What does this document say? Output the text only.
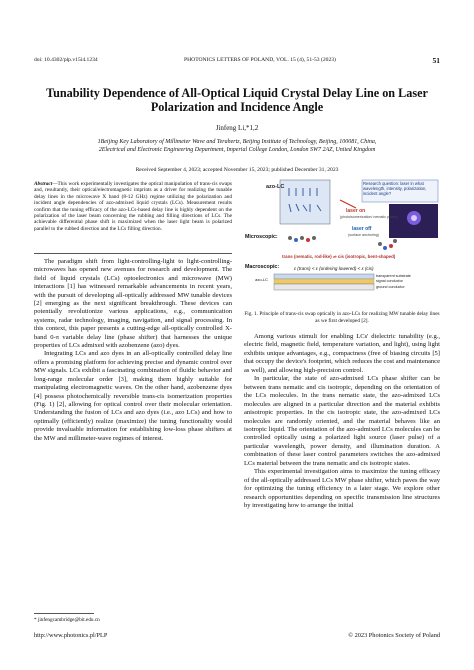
doi: 10.4302/plp.v15i4.1234	PHOTONICS LETTERS OF POLAND, VOL. 15 (4), 51-53 (2023)	51
Tunability Dependence of All-Optical Liquid Crystal Delay Line on Laser Polarization and Incidence Angle
Jinfeng Li,*1,2
1Beijing Key Laboratory of Millimeter Wave and Terahertz, Beijing Institute of Technology, Beijing, 100081, China,
2Electrical and Electronic Engineering Department, Imperial College London, London SW7 2AZ, United Kingdom
Received September 4, 2023; accepted November 15, 2023; published December 31, 2023
Abstract—This work experimentally investigates the optical manipulation of trans-cis swaps and, resultantly, their optical/electromagnetic imprints as a driver for realizing the tunable delay lines in the microwave X band (8-12 GHz) regime utilizing the polarization and incident angle dependencies of azo-admixed liquid crystals (LCs). Measurement results confirm that the tuning efficacy of the azo-LCs-based delay line is highly dependent on the polarization of the laser beam concerning the rubbing and filling directions of LCs. The achievable differential phase shift is maximized when the laser light beam is polarized parallel to the rubbed direction and the LCs filling direction.

The paradigm shift from light-controlling-light to light-controlling-microwaves has opened new avenues for research and development. The field of liquid crystals (LCs) optoelectronics and microwave (MW) interactions [1] has witnessed remarkable advancements in recent years, with the pursuit of developing all-optically addressed MW tunable devices [2] emerging as the next significant breakthrough. These devices can potentially revolutionize various applications, e.g., communication systems, radar technology, imaging, navigation, and signal processing. In this context, this paper presents a cutting-edge all-optically controlled X-band 0-π variable delay line (phase shifter) that harnesses the unique properties of LCs admixed with azobenzene (azo) dyes.

Integrating LCs and azo dyes in an all-optically controlled delay line offers a promising platform for achieving precise and dynamic control over MW signals. LCs exhibit a fascinating combination of fluidic behavior and long-range molecular order [3], making them highly suitable for manipulating electromagnetic waves. On the other hand, azobenzene dyes [4] possess photochemically reversible trans-cis isomerization properties (Fig. 1) [2], allowing for optical control over their molecular orientation. Understanding the fusion of LCs and azo dyes (i.e., azo LCs) and how to optimally (efficiently) realize (maximize) the tuning functionality would provide invaluable information for establishing low-loss phase shifters at the MW and millimeter-wave regimes of interest.

azo-LC
Research question: laser in what wavelength, intensity, polarization, incident angle?
laser on
(photoisomerization/ nematic phase)
laser off
(surface anchoring)
Microscopic:
trans (nematic, rod-like) ⇌ cis (isotropic, bent-shaped)
Macroscopic:	ε (trans) < ε (ordering lowered) < ε (cis)
azo-LC
transparent substrate
signal conductor
ground conductor
Fig. 1. Principle of trans-cis swap optically in azo-LCs for realizing MW tunable delay lines as we first developed [2].

Among various stimuli for enabling LCs' dielectric tunability (e.g., electric field, magnetic field, temperature variation, and light), using light exhibits unique advantages, e.g., compactness (free of biasing circuits [5] that occupy the device's footprint, which reduces the cost and maintenance as well), and allowing high-precision control.

In particular, the state of azo-admixed LCs phase shifter can be between trans nematic and cis isotropic, depending on the orientation of the LCs molecules. In the trans nematic state, the azo-admixed LCs molecules are aligned in a particular direction and the material exhibits anisotropic properties. In the cis isotropic state, the azo-admixed LCs molecules are randomly oriented, and the material behaves like an isotropic liquid. The orientation of the azo-admixed LCs molecules can be controlled optically using a polarized light source (laser pulse) of a particular wavelength, power density, and illumination duration. A combination of these laser control parameters switches the azo-admixed LCs material between the trans nematic and cis isotropic states.

This experimental investigation aims to maximize the tuning efficacy of the all-optically addressed LCs MW phase shifter, which paves the way for optimizing the tuning efficiency in a later stage. We explore other research opportunities depending on specific transmission line structures by investigating how to arrange the initial

* jinfengcambridge@bit.edu.cn
http://www.photonics.pl/PLP	© 2023 Photonics Society of Poland
